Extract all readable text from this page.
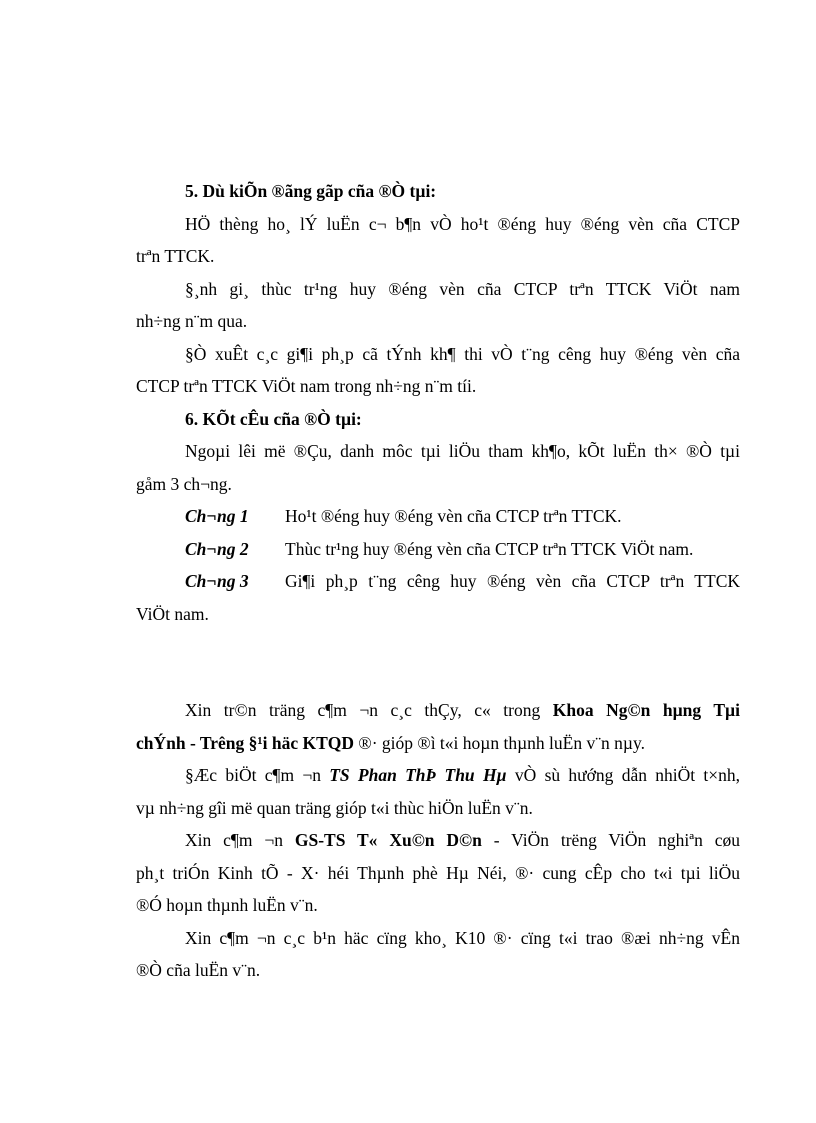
5. Dù kiÕn ®ãng gãp cña ®Ò tµi:
HÖ thèng ho¸ lÝ luËn c¬ b¶n vÒ ho¹t ®éng huy ®éng vèn cña CTCP
trªn TTCK.
§¸nh gi¸ thùc tr¹ng huy ®éng vèn cña CTCP trªn TTCK ViÖt nam
nh÷ng n¨m qua.
§Ò xuÊt c¸c gi¶i ph¸p cã tÝnh kh¶ thi vÒ t¨ng cêng huy ®éng vèn cña
CTCP trªn TTCK ViÖt nam trong nh÷ng n¨m tíi.
6. KÕt cÊu cña ®Ò tµi:
Ngoµi lêi më ®Çu, danh môc tµi liÖu tham kh¶o, kÕt luËn th× ®Ò tµi
gåm 3 ch¬ng.
Ch¬ng 1	Ho¹t ®éng huy ®éng vèn cña CTCP trªn TTCK.
Ch¬ng 2	Thùc tr¹ng huy ®éng vèn cña CTCP trªn TTCK ViÖt nam.
Ch¬ng 3	Gi¶i ph¸p t¨ng cêng huy ®éng vèn cña CTCP trªn TTCK
ViÖt nam.
Xin tr©n träng c¶m ¬n c¸c thÇy, c« trong Khoa Ng©n hµng Tµi
chÝnh - Trêng §¹i häc KTQD ®· gióp ®ì t«i hoµn thµnh luËn v¨n nµy.
§Æc biÖt c¶m ¬n TS Phan ThÞ Thu Hµ vÒ sù hướng dẫn nhiÖt t×nh,
vµ nh÷ng gîi më quan träng gióp t«i thùc hiÖn luËn v¨n.
Xin c¶m ¬n GS-TS T« Xu©n D©n - ViÖn trëng ViÖn nghiªn cøu
ph¸t triÓn Kinh tÕ - X· héi Thµnh phè Hµ Néi, ®· cung cÊp cho t«i tµi liÖu
®Ó hoµn thµnh luËn v¨n.
Xin c¶m ¬n c¸c b¹n häc cïng kho¸ K10 ®· cïng t«i trao ®æi nh÷ng vÊn
®Ò cña luËn v¨n.
